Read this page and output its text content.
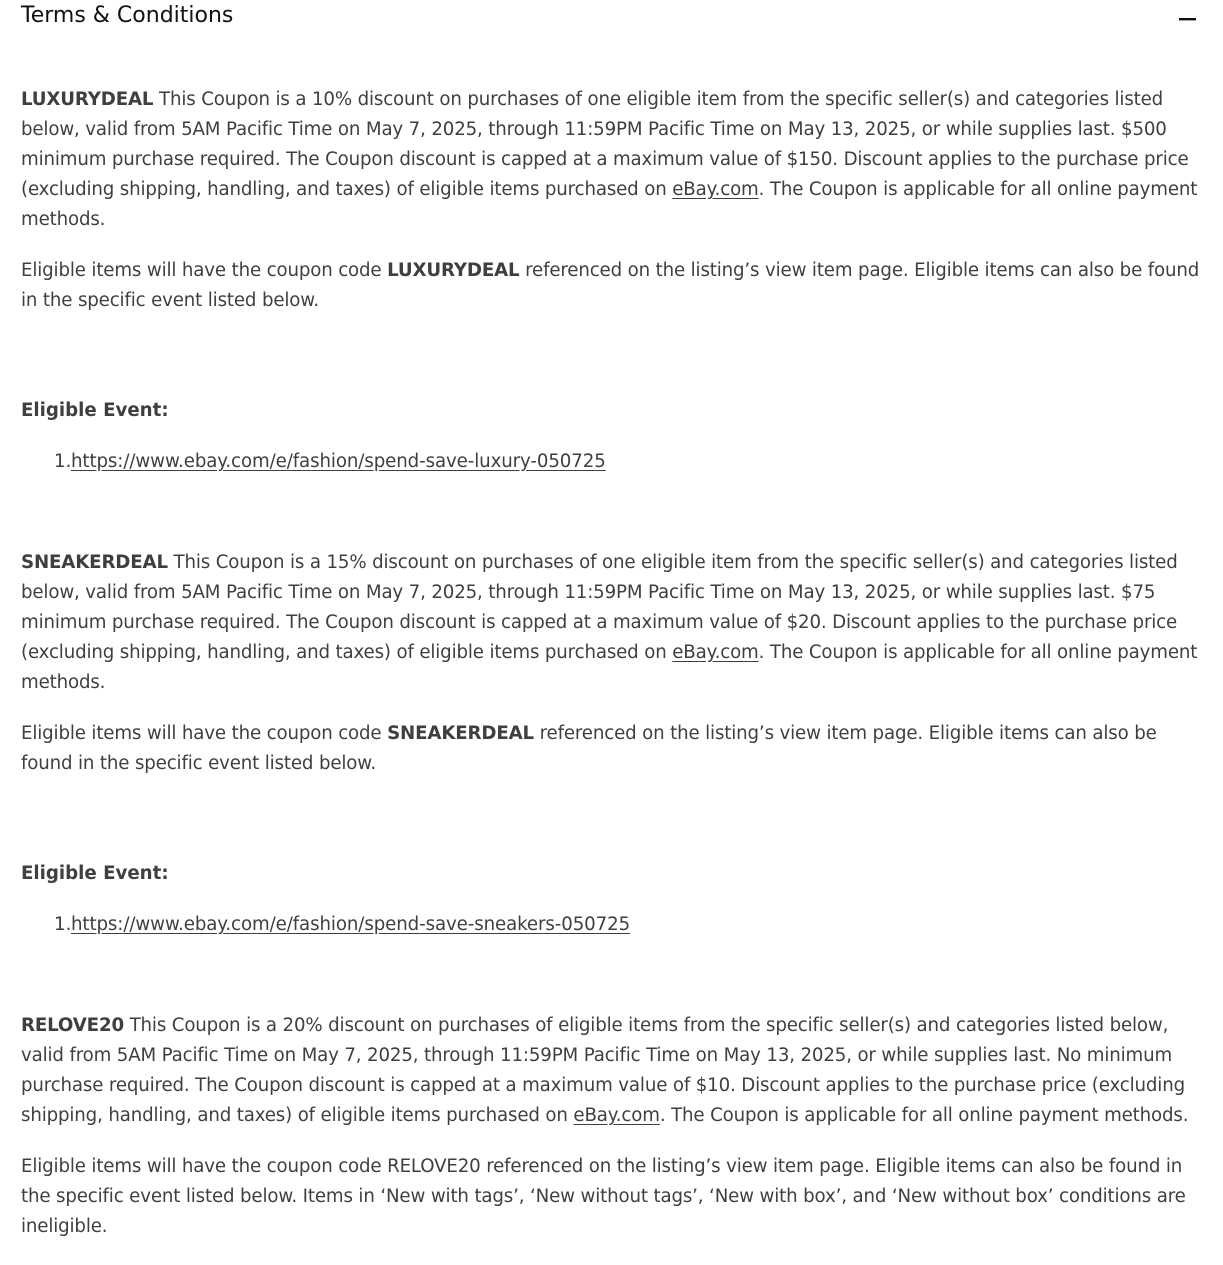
Terms & Conditions

LUXURYDEAL This Coupon is a 10% discount on purchases of one eligible item from the specific seller(s) and categories listed below, valid from 5AM Pacific Time on May 7, 2025, through 11:59PM Pacific Time on May 13, 2025, or while supplies last. $500 minimum purchase required. The Coupon discount is capped at a maximum value of $150. Discount applies to the purchase price (excluding shipping, handling, and taxes) of eligible items purchased on eBay.com. The Coupon is applicable for all online payment methods.

Eligible items will have the coupon code LUXURYDEAL referenced on the listing’s view item page. Eligible items can also be found in the specific event listed below.

Eligible Event:

1. https://www.ebay.com/e/fashion/spend-save-luxury-050725

SNEAKERDEAL This Coupon is a 15% discount on purchases of one eligible item from the specific seller(s) and categories listed below, valid from 5AM Pacific Time on May 7, 2025, through 11:59PM Pacific Time on May 13, 2025, or while supplies last. $75 minimum purchase required. The Coupon discount is capped at a maximum value of $20. Discount applies to the purchase price (excluding shipping, handling, and taxes) of eligible items purchased on eBay.com. The Coupon is applicable for all online payment methods.

Eligible items will have the coupon code SNEAKERDEAL referenced on the listing’s view item page. Eligible items can also be found in the specific event listed below.

Eligible Event:

1. https://www.ebay.com/e/fashion/spend-save-sneakers-050725

RELOVE20 This Coupon is a 20% discount on purchases of eligible items from the specific seller(s) and categories listed below, valid from 5AM Pacific Time on May 7, 2025, through 11:59PM Pacific Time on May 13, 2025, or while supplies last. No minimum purchase required. The Coupon discount is capped at a maximum value of $10. Discount applies to the purchase price (excluding shipping, handling, and taxes) of eligible items purchased on eBay.com. The Coupon is applicable for all online payment methods.

Eligible items will have the coupon code RELOVE20 referenced on the listing’s view item page. Eligible items can also be found in the specific event listed below. Items in ‘New with tags’, ‘New without tags’, ‘New with box’, and ‘New without box’ conditions are ineligible.
